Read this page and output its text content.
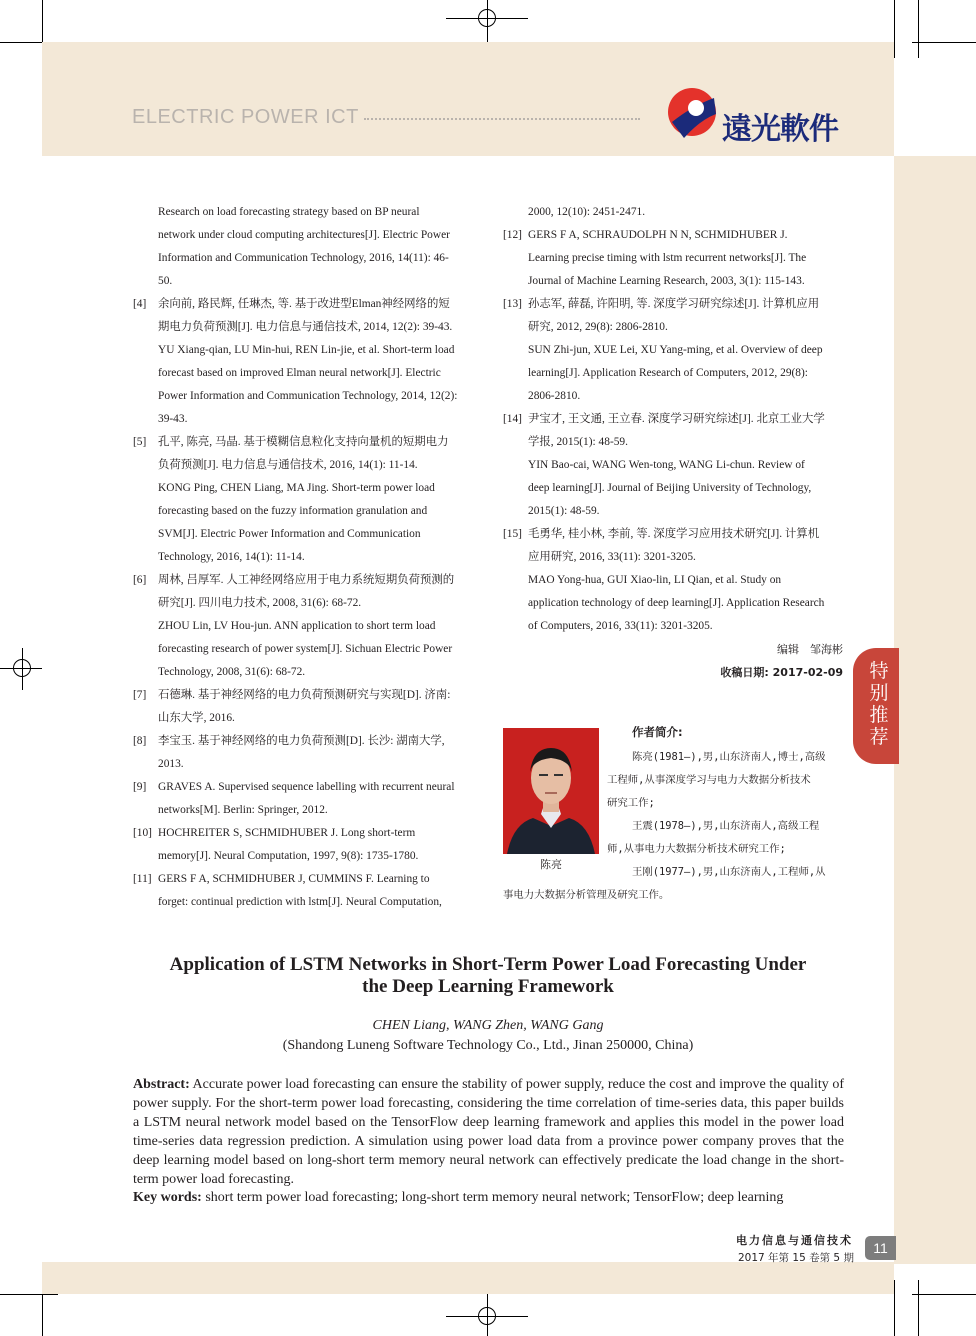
ELECTRIC POWER ICT	遠光軟件
特别推荐
Research on load forecasting strategy based on BP neural
network under cloud computing architectures[J]. Electric Power
Information and Communication Technology, 2016, 14(11): 46-
50.
[4] 余向前, 路民辉, 任琳杰, 等. 基于改进型Elman神经网络的短
期电力负荷预测[J]. 电力信息与通信技术, 2014, 12(2): 39-43.
YU Xiang-qian, LU Min-hui, REN Lin-jie, et al. Short-term load
forecast based on improved Elman neural network[J]. Electric
Power Information and Communication Technology, 2014, 12(2):
39-43.
[5] 孔平, 陈亮, 马晶. 基于模糊信息粒化支持向量机的短期电力
负荷预测[J]. 电力信息与通信技术, 2016, 14(1): 11-14.
KONG Ping, CHEN Liang, MA Jing. Short-term power load
forecasting based on the fuzzy information granulation and
SVM[J]. Electric Power Information and Communication
Technology, 2016, 14(1): 11-14.
[6] 周林, 吕厚军. 人工神经网络应用于电力系统短期负荷预测的
研究[J]. 四川电力技术, 2008, 31(6): 68-72.
ZHOU Lin, LV Hou-jun. ANN application to short term load
forecasting research of power system[J]. Sichuan Electric Power
Technology, 2008, 31(6): 68-72.
[7] 石德琳. 基于神经网络的电力负荷预测研究与实现[D]. 济南:
山东大学, 2016.
[8] 李宝玉. 基于神经网络的电力负荷预测[D]. 长沙: 湖南大学,
2013.
[9] GRAVES A. Supervised sequence labelling with recurrent neural
networks[M]. Berlin: Springer, 2012.
[10] HOCHREITER S, SCHMIDHUBER J. Long short-term
memory[J]. Neural Computation, 1997, 9(8): 1735-1780.
[11] GERS F A, SCHMIDHUBER J, CUMMINS F. Learning to
forget: continual prediction with lstm[J]. Neural Computation,
2000, 12(10): 2451-2471.
[12] GERS F A, SCHRAUDOLPH N N, SCHMIDHUBER J.
Learning precise timing with lstm recurrent networks[J]. The
Journal of Machine Learning Research, 2003, 3(1): 115-143.
[13] 孙志军, 薛磊, 许阳明, 等. 深度学习研究综述[J]. 计算机应用
研究, 2012, 29(8): 2806-2810.
SUN Zhi-jun, XUE Lei, XU Yang-ming, et al. Overview of deep
learning[J]. Application Research of Computers, 2012, 29(8):
2806-2810.
[14] 尹宝才, 王文通, 王立春. 深度学习研究综述[J]. 北京工业大学
学报, 2015(1): 48-59.
YIN Bao-cai, WANG Wen-tong, WANG Li-chun. Review of
deep learning[J]. Journal of Beijing University of Technology,
2015(1): 48-59.
[15] 毛勇华, 桂小林, 李前, 等. 深度学习应用技术研究[J]. 计算机
应用研究, 2016, 33(11): 3201-3205.
MAO Yong-hua, GUI Xiao-lin, LI Qian, et al. Study on
application technology of deep learning[J]. Application Research
of Computers, 2016, 33(11): 3201-3205.
编辑　邹海彬
收稿日期: 2017-02-09
陈亮
作者简介:
陈亮(1981–),男,山东济南人,博士,高级
工程师,从事深度学习与电力大数据分析技术
研究工作;
王震(1978–),男,山东济南人,高级工程
师,从事电力大数据分析技术研究工作;
王刚(1977–),男,山东济南人,工程师,从
事电力大数据分析管理及研究工作。
Application of LSTM Networks in Short-Term Power Load Forecasting Under
the Deep Learning Framework
CHEN Liang, WANG Zhen, WANG Gang
(Shandong Luneng Software Technology Co., Ltd., Jinan 250000, China)
Abstract: Accurate power load forecasting can ensure the stability of power supply, reduce the cost and improve the quality of power supply. For the short-term power load forecasting, considering the time correlation of time-series data, this paper builds a LSTM neural network model based on the TensorFlow deep learning framework and applies this model in the power load time-series data regression prediction. A simulation using power load data from a province power company proves that the deep learning model based on long-short term memory neural network can effectively predicate the load change in the short-term power load forecasting.
Key words: short term power load forecasting; long-short term memory neural network; TensorFlow; deep learning
电力信息与通信技术
2017 年第 15 卷第 5 期
11
